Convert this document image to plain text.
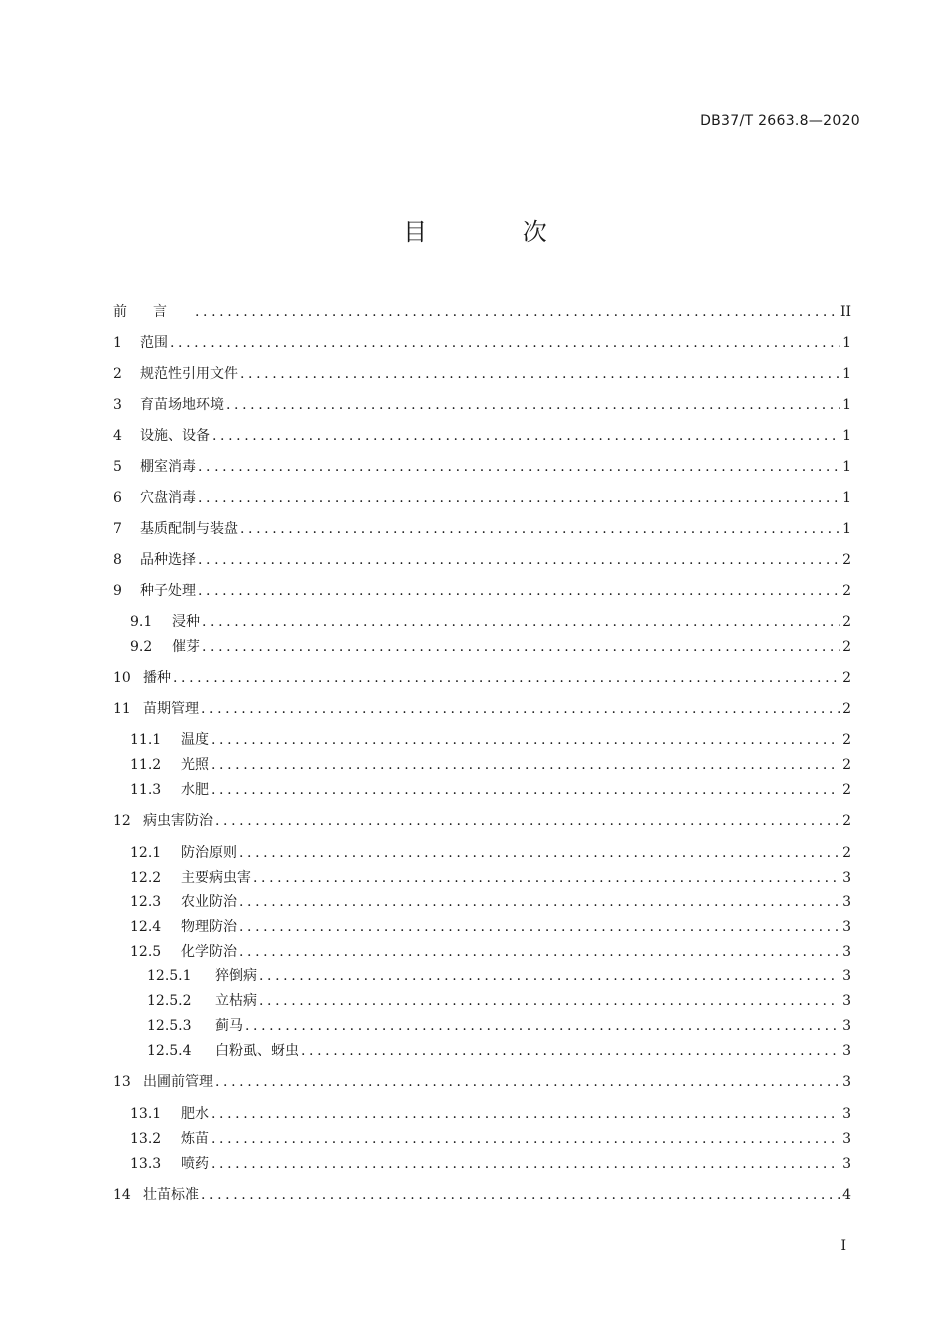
DB37/T 2663.8—2020
目 次
前言 .....	II
1	范围 .....	1
2	规范性引用文件 .....	1
3	育苗场地环境 .....	1
4	设施、设备 .....	1
5	棚室消毒 .....	1
6	穴盘消毒 .....	1
7	基质配制与装盘 .....	1
8	品种选择 .....	2
9	种子处理 .....	2
9.1	浸种 .....	2
9.2	催芽 .....	2
10 播种 .....	2
11 苗期管理 .....	2
11.1	温度 .....	2
11.2	光照 .....	2
11.3	水肥 .....	2
12 病虫害防治 .....	2
12.1	防治原则 .....	2
12.2	主要病虫害 .....	3
12.3	农业防治 .....	3
12.4	物理防治 .....	3
12.5	化学防治 .....	3
12.5.1	猝倒病 .....	3
12.5.2	立枯病 .....	3
12.5.3	蓟马 .....	3
12.5.4	白粉虱、蚜虫 .....	3
13 出圃前管理 .....	3
13.1	肥水 .....	3
13.2	炼苗 .....	3
13.3	喷药 .....	3
14 壮苗标准 .....	4
I
